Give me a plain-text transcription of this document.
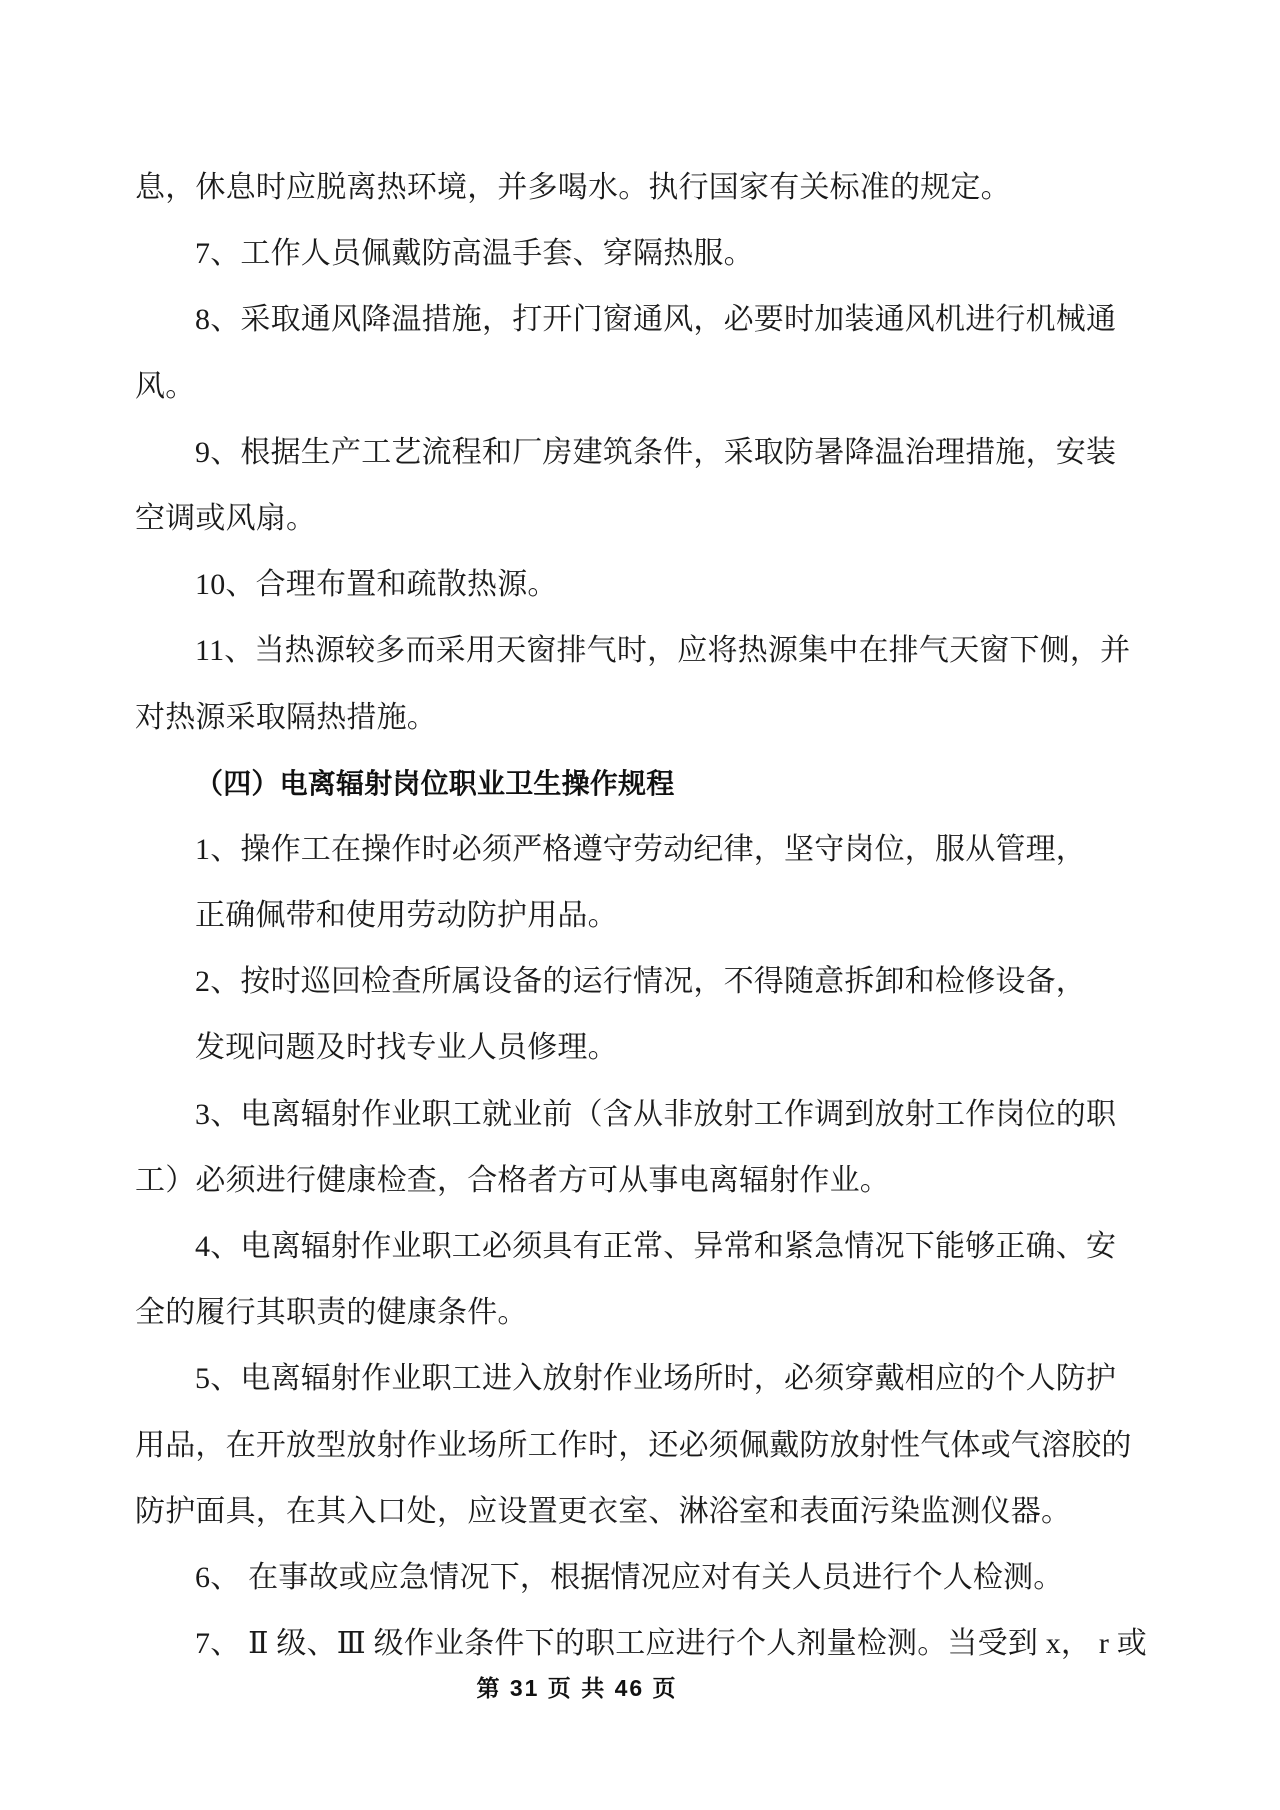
息，休息时应脱离热环境，并多喝水。执行国家有关标准的规定。
7、工作人员佩戴防高温手套、穿隔热服。
8、采取通风降温措施，打开门窗通风，必要时加装通风机进行机械通
风。
9、根据生产工艺流程和厂房建筑条件，采取防暑降温治理措施，安装
空调或风扇。
10、合理布置和疏散热源。
11、当热源较多而采用天窗排气时，应将热源集中在排气天窗下侧，并
对热源采取隔热措施。
（四）电离辐射岗位职业卫生操作规程
1、操作工在操作时必须严格遵守劳动纪律，坚守岗位，服从管理，
正确佩带和使用劳动防护用品。
2、按时巡回检查所属设备的运行情况，不得随意拆卸和检修设备，
发现问题及时找专业人员修理。
3、电离辐射作业职工就业前（含从非放射工作调到放射工作岗位的职
工）必须进行健康检查，合格者方可从事电离辐射作业。
4、电离辐射作业职工必须具有正常、异常和紧急情况下能够正确、安
全的履行其职责的健康条件。
5、电离辐射作业职工进入放射作业场所时，必须穿戴相应的个人防护
用品，在开放型放射作业场所工作时，还必须佩戴防放射性气体或气溶胶的
防护面具，在其入口处，应设置更衣室、淋浴室和表面污染监测仪器。
6、 在事故或应急情况下，根据情况应对有关人员进行个人检测。
7、 Ⅱ 级、Ⅲ 级作业条件下的职工应进行个人剂量检测。当受到 x， r 或
第 31 页 共 46 页
